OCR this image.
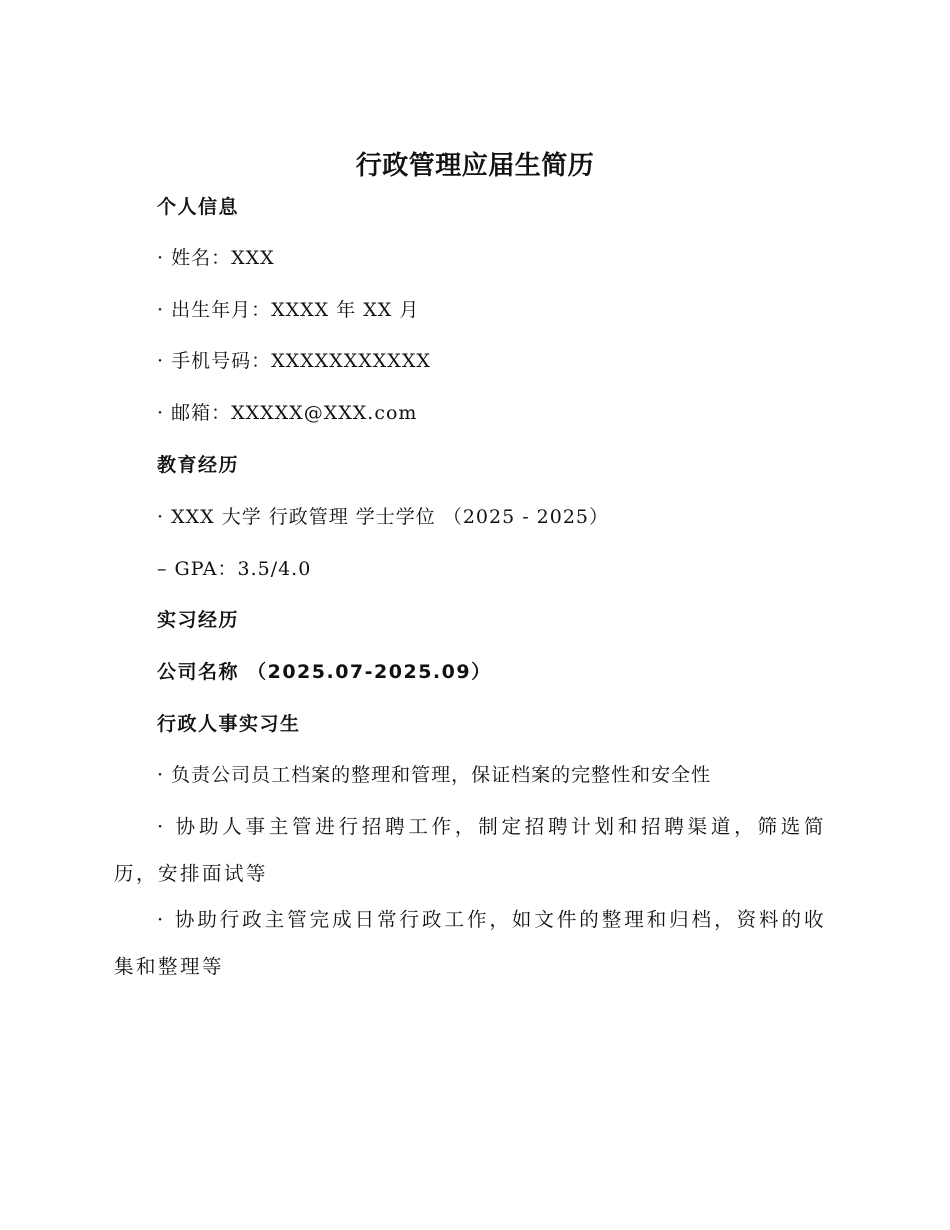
行政管理应届生简历
个人信息
· 姓名：XXX
· 出生年月：XXXX 年 XX 月
· 手机号码：XXXXXXXXXXX
· 邮箱：XXXXX@XXX.com
教育经历
· XXX 大学 行政管理 学士学位 （2025 - 2025）
– GPA：3.5/4.0
实习经历
公司名称 （2025.07-2025.09）
行政人事实习生
· 负责公司员工档案的整理和管理，保证档案的完整性和安全性
· 协助人事主管进行招聘工作，制定招聘计划和招聘渠道，筛选简历，安排面试等
· 协助行政主管完成日常行政工作，如文件的整理和归档，资料的收集和整理等
